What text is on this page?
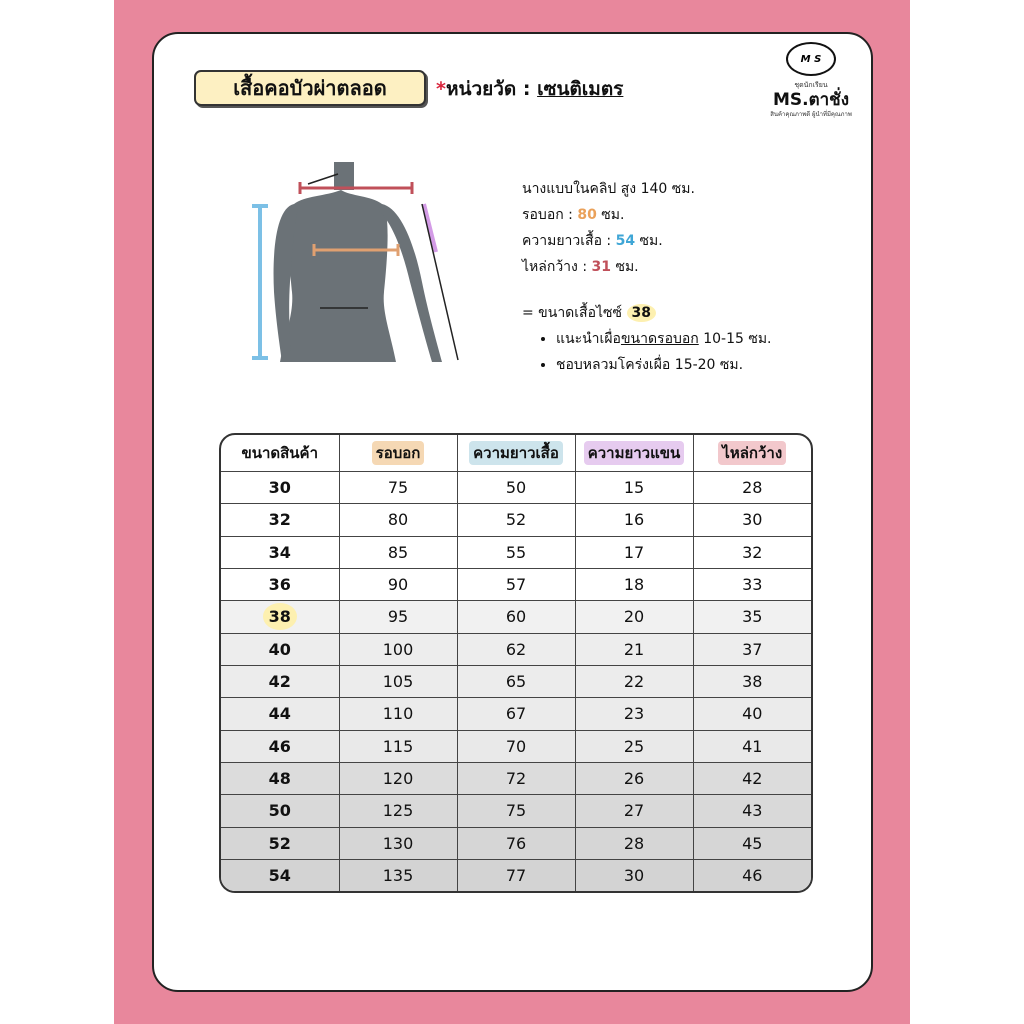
เสื้อคอบัวผ่าตลอด	*หน่วยวัด : เซนติเมตร
M S
ชุดนักเรียน
MS.ตาชั่ง
สินค้าคุณภาพดี ผู้นำที่มีคุณภาพ
นางแบบในคลิป สูง 140 ซม.
รอบอก : 80 ซม.
ความยาวเสื้อ : 54 ซม.
ไหล่กว้าง : 31 ซม.
= ขนาดเสื้อไซซ์ 38
• แนะนำเผื่อขนาดรอบอก 10-15 ซม.
• ชอบหลวมโคร่งเผื่อ 15-20 ซม.
ขนาดสินค้า	รอบอก	ความยาวเสื้อ	ความยาวแขน	ไหล่กว้าง
30	75	50	15	28
32	80	52	16	30
34	85	55	17	32
36	90	57	18	33
38	95	60	20	35
40	100	62	21	37
42	105	65	22	38
44	110	67	23	40
46	115	70	25	41
48	120	72	26	42
50	125	75	27	43
52	130	76	28	45
54	135	77	30	46
